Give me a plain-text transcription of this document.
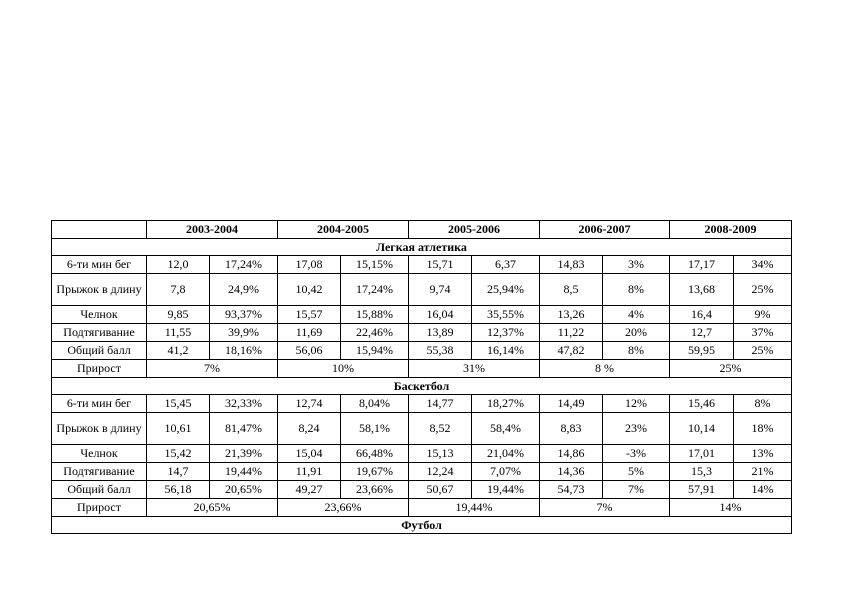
	2003-2004		2004-2005		2005-2006		2006-2007		2008-2009	
Легкая атлетика										
6-ти мин бег	12,0	17,24%	17,08	15,15%	15,71	6,37	14,83	3%	17,17	34%
Прыжок в длину	7,8	24,9%	10,42	17,24%	9,74	25,94%	8,5	8%	13,68	25%
Челнок	9,85	93,37%	15,57	15,88%	16,04	35,55%	13,26	4%	16,4	9%
Подтягивание	11,55	39,9%	11,69	22,46%	13,89	12,37%	11,22	20%	12,7	37%
Общий балл	41,2	18,16%	56,06	15,94%	55,38	16,14%	47,82	8%	59,95	25%
Прирост	7%		10%		31%		8 %		25%	
Баскетбол										
6-ти мин бег	15,45	32,33%	12,74	8,04%	14,77	18,27%	14,49	12%	15,46	8%
Прыжок в длину	10,61	81,47%	8,24	58,1%	8,52	58,4%	8,83	23%	10,14	18%
Челнок	15,42	21,39%	15,04	66,48%	15,13	21,04%	14,86	-3%	17,01	13%
Подтягивание	14,7	19,44%	11,91	19,67%	12,24	7,07%	14,36	5%	15,3	21%
Общий балл	56,18	20,65%	49,27	23,66%	50,67	19,44%	54,73	7%	57,91	14%
Прирост	20,65%		23,66%		19,44%		7%		14%	
Футбол										
